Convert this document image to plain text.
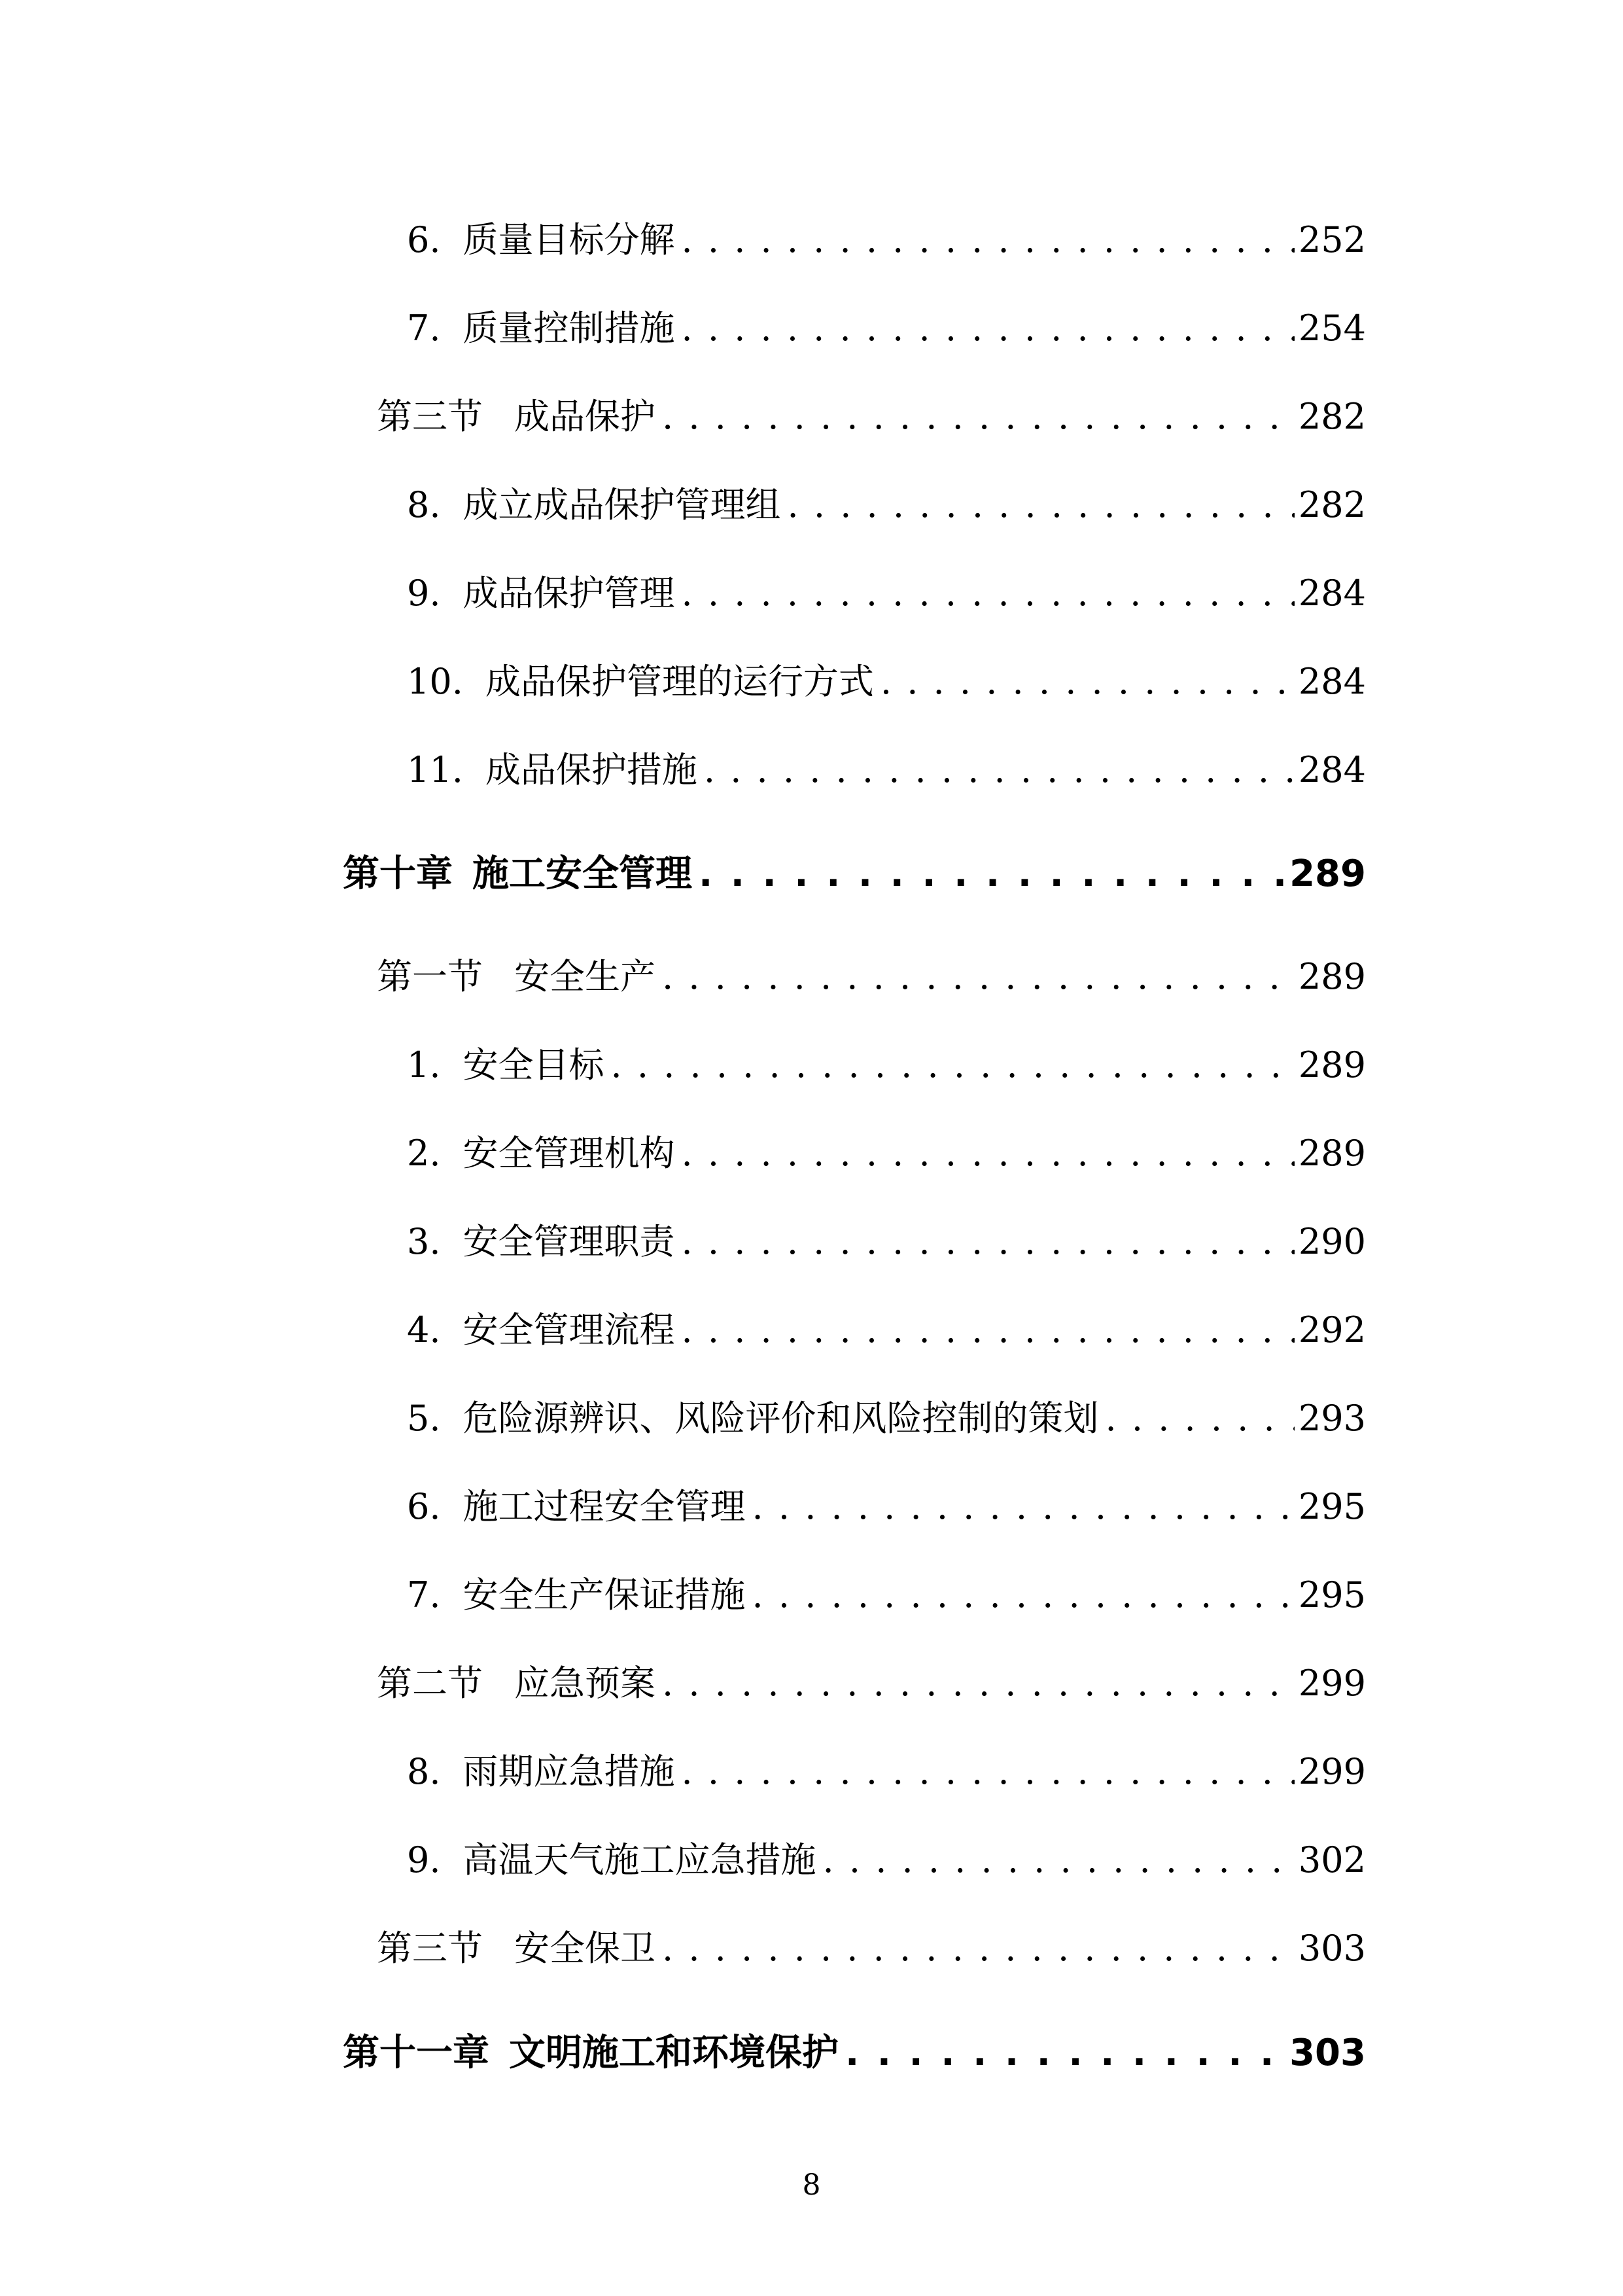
6. 质量目标分解 . . .	252
7. 质量控制措施 . . .	254
第三节 成品保护 . . .	282
8. 成立成品保护管理组 . . .	282
9. 成品保护管理 . . .	284
10. 成品保护管理的运行方式 . . .	284
11. 成品保护措施 . . .	284
第十章 施工安全管理 . . .	289
第一节 安全生产 . . .	289
1. 安全目标 . . .	289
2. 安全管理机构 . . .	289
3. 安全管理职责 . . .	290
4. 安全管理流程 . . .	292
5. 危险源辨识、风险评价和风险控制的策划 . . .	293
6. 施工过程安全管理 . . .	295
7. 安全生产保证措施 . . .	295
第二节 应急预案 . . .	299
8. 雨期应急措施 . . .	299
9. 高温天气施工应急措施 . . .	302
第三节 安全保卫 . . .	303
第十一章 文明施工和环境保护 . . .	303
8
